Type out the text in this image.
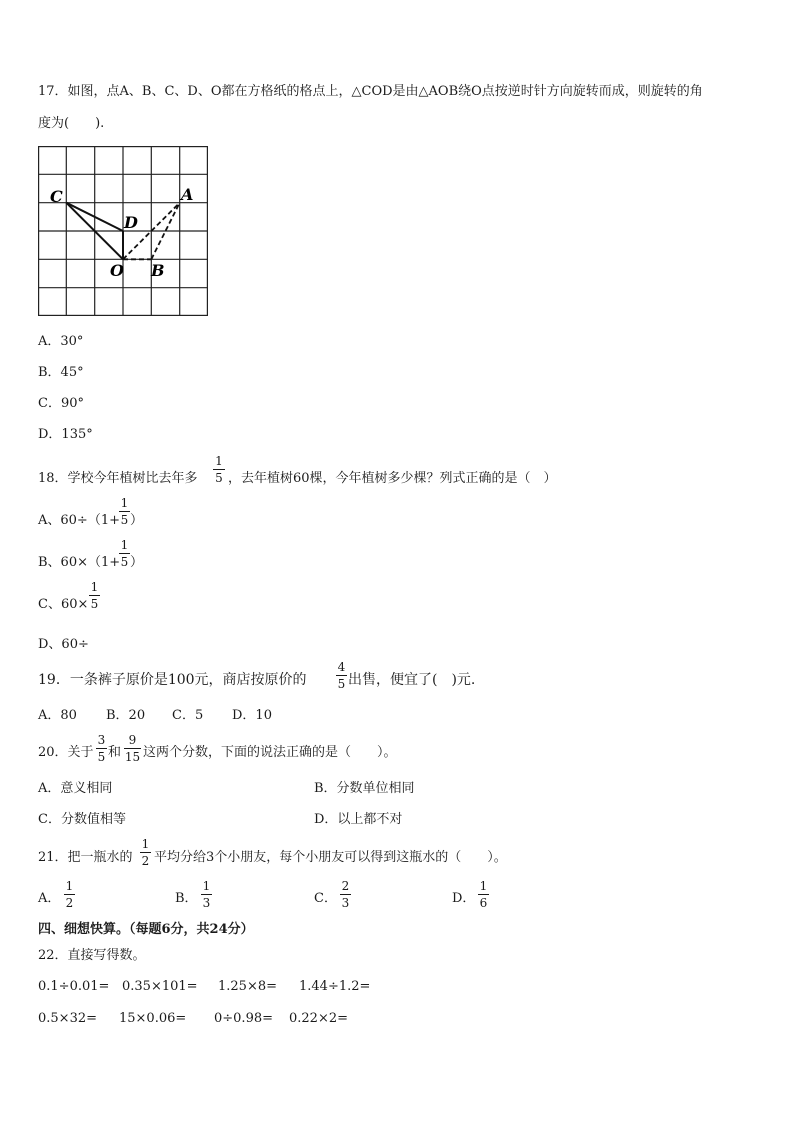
17．如图，点A、B、C、D、O都在方格纸的格点上，△COD是由△AOB绕O点按逆时针方向旋转而成，则旋转的角
度为(　　).
C
D
A
O B
A．30°
B．45°
C．90°
D．135°
18．学校今年植树比去年多
1
5 ，去年植树60棵，今年植树多少棵？列式正确的是（　）
A、60÷（1+
1
5 ）
B、60×（1+
1
5 ）
C、60×
1
5
D、60÷
19．一条裤子原价是100元，商店按原价的
4
5 出售，便宜了(　)元.
A．80 B．20 C．5 D．10
20．关于
3
5 和
9
15 这两个分数，下面的说法正确的是（　　）。
A．意义相同	B．分数单位相同
C．分数值相等	D．以上都不对
21．把一瓶水的
1
2 平均分给3个小朋友，每个小朋友可以得到这瓶水的（　　）。
A．
1
2	B．
1
3	C．
2
3	D．
1
6
四、细想快算。（每题6分，共24分）
22．直接写得数。
0.1÷0.01= 0.35×101= 1.25×8= 1.44÷1.2=
0.5×32= 15×0.06= 0÷0.98= 0.22×2=
